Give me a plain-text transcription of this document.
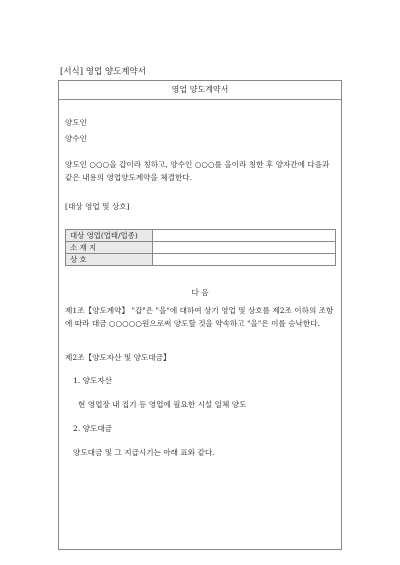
[서식] 영업 양도계약서
영업 양도계약서
양도인
양수인
양도인 ○○○을 갑이라 칭하고, 양수인 ○○○를 을이라 칭한 후 양자간에 다음과 같은 내용의 영업양도계약을 체결한다.
[대상 영업 및 상호]
대상 영업(업태/업종)	
소 재 지	
상 호	
다 음
제1조【양도계약】 "갑"은 "을"에 대하여 상기 영업 및 상호를 제2조 이하의 조항에 따라 대금 ○○○○○원으로써 양도할 것을 약속하고 "을"은 이를 승낙한다.
제2조【양도자산 및 양도대금】
1. 양도자산
현 영업장 내 집기 등 영업에 필요한 시설 일체 양도
2. 양도대금
양도대금 및 그 지급시기는 아래 표와 같다.
